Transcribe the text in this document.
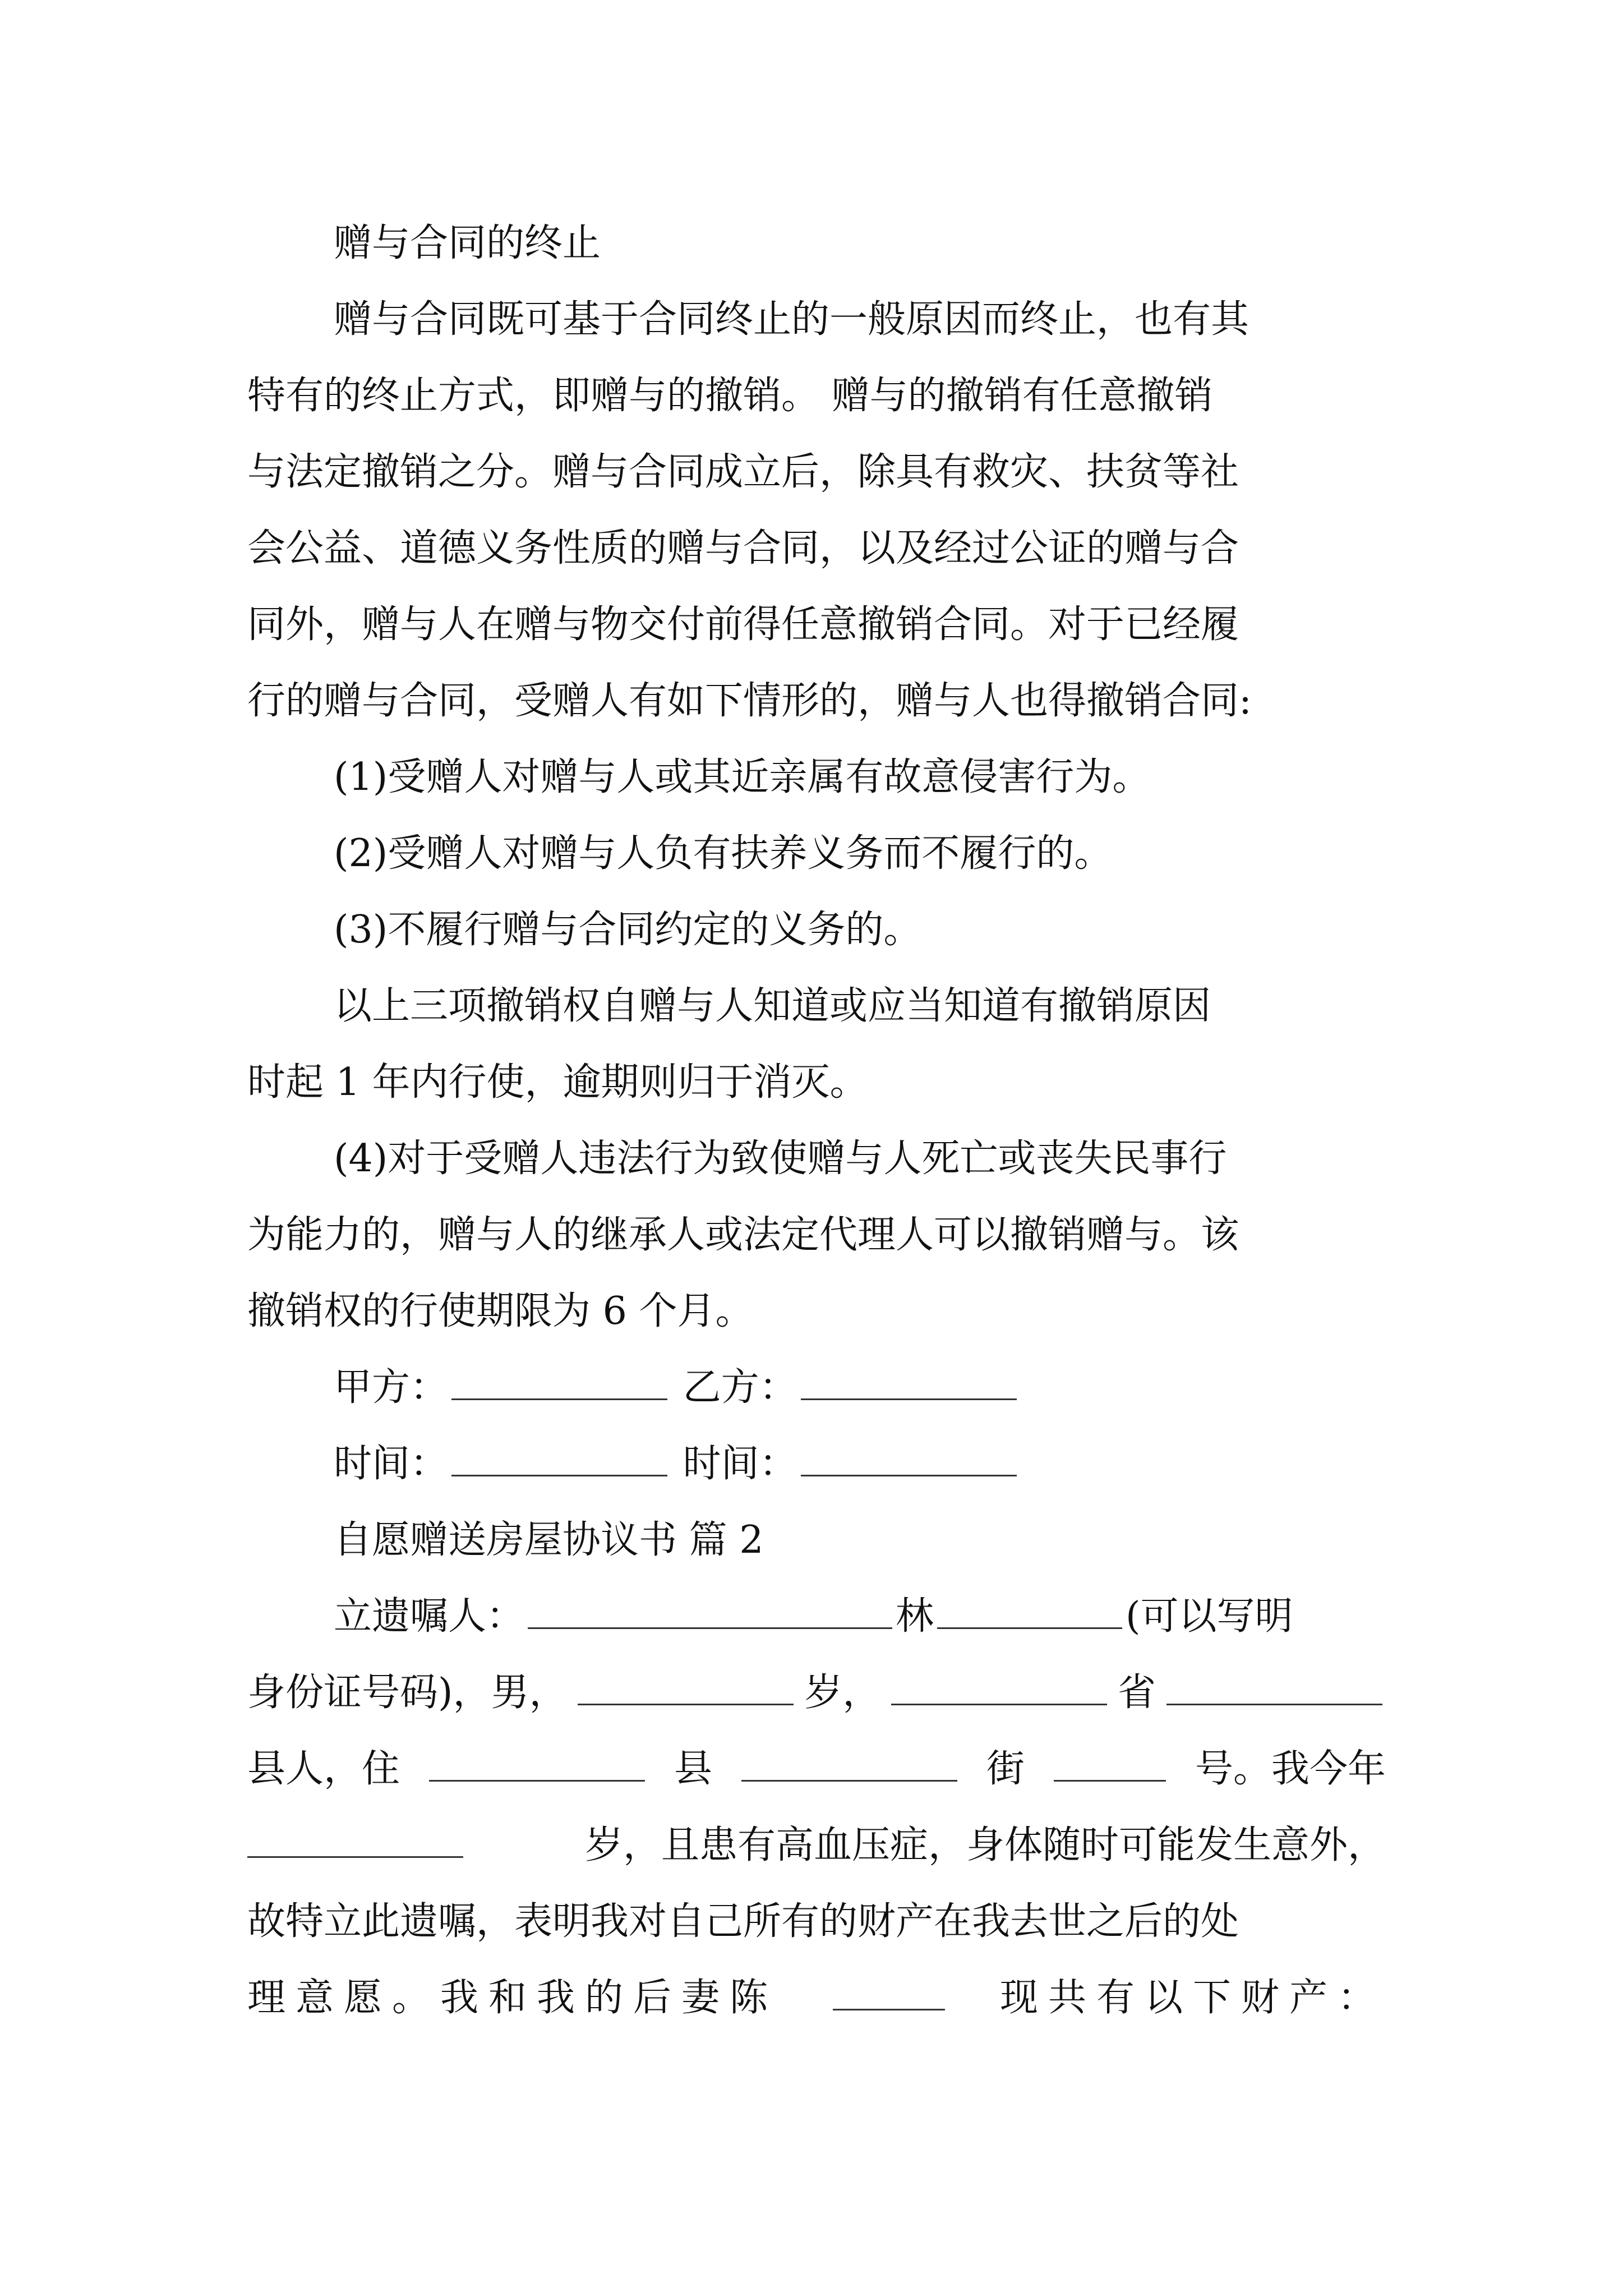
赠与合同的终止

赠与合同既可基于合同终止的一般原因而终止，也有其

特有的终止方式，即赠与的撤销。 赠与的撤销有任意撤销

与法定撤销之分。赠与合同成立后，除具有救灾、扶贫等社

会公益、道德义务性质的赠与合同，以及经过公证的赠与合

同外，赠与人在赠与物交付前得任意撤销合同。对于已经履

行的赠与合同，受赠人有如下情形的，赠与人也得撤销合同:

(1)受赠人对赠与人或其近亲属有故意侵害行为。

(2)受赠人对赠与人负有扶养义务而不履行的。

(3)不履行赠与合同约定的义务的。

以上三项撤销权自赠与人知道或应当知道有撤销原因

时起 1 年内行使，逾期则归于消灭。

(4)对于受赠人违法行为致使赠与人死亡或丧失民事行

为能力的，赠与人的继承人或法定代理人可以撤销赠与。该

撤销权的行使期限为 6 个月。

甲方：	乙方：

时间：	时间：

自愿赠送房屋协议书 篇 2

立遗嘱人：	林	(可以写明

身份证号码)，男，	岁，	省
县人，住	县	街	号。我今年
岁，且患有高血压症，身体随时可能发生意外，

故特立此遗嘱，表明我对自己所有的财产在我去世之后的处

理意愿。我和我的后妻陈	现共有以下财产：
